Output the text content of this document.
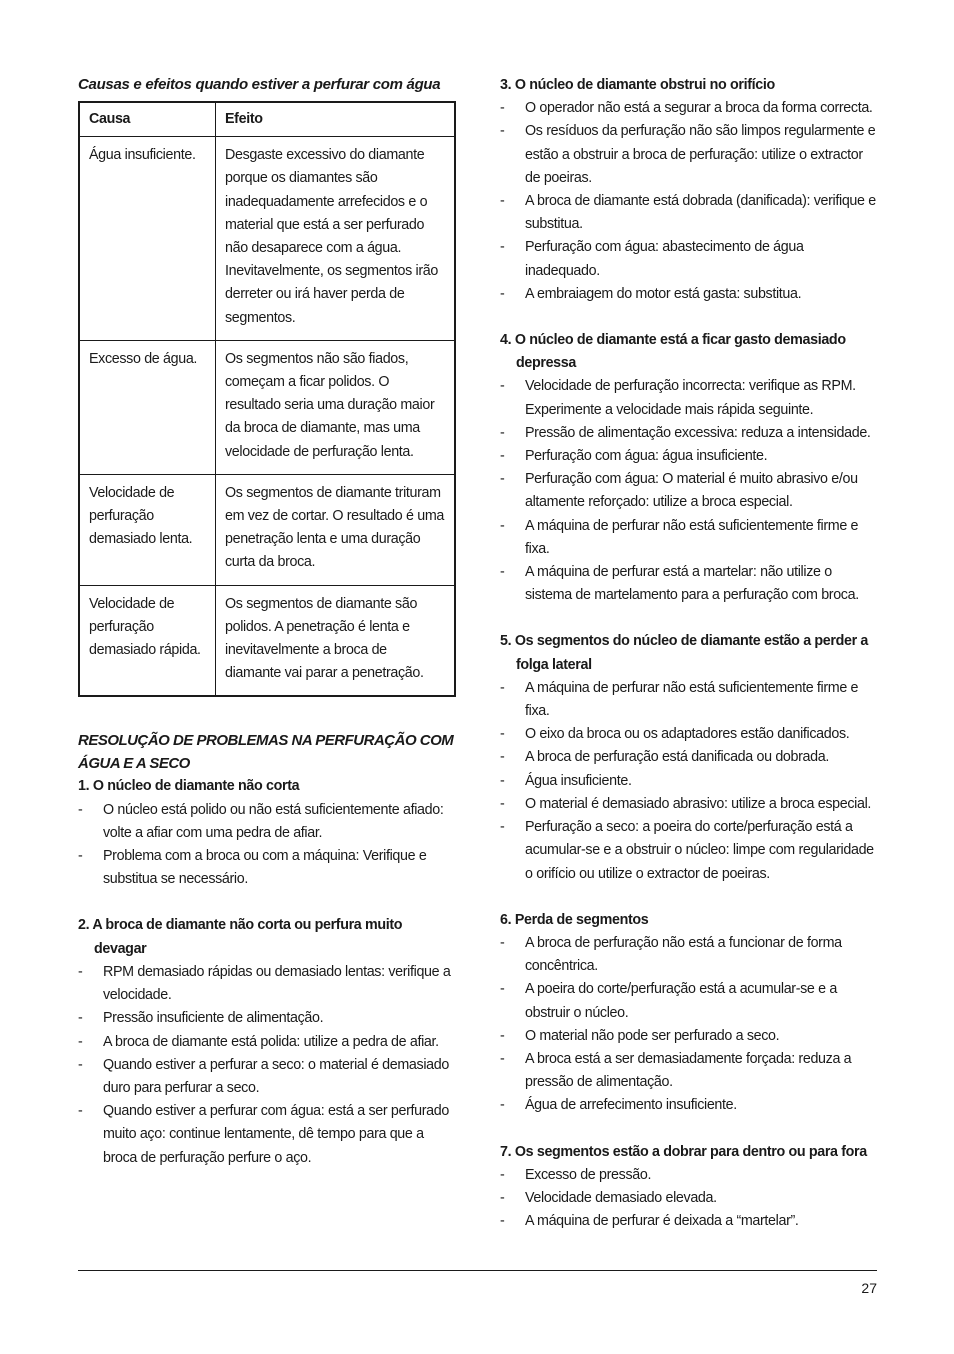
Causas e efeitos quando estiver a perfurar com água
Causa	Efeito
Água insuficiente.	Desgaste excessivo do diamante porque os diamantes são inadequadamente arrefecidos e o material que está a ser perfurado não desaparece com a água. Inevitavelmente, os segmentos irão derreter ou irá haver perda de segmentos.
Excesso de água.	Os segmentos não são fiados, começam a ficar polidos. O resultado seria uma duração maior da broca de diamante, mas uma velocidade de perfuração lenta.
Velocidade de perfuração demasiado lenta.	Os segmentos de diamante trituram em vez de cortar. O resultado é uma penetração lenta e uma duração curta da broca.
Velocidade de perfuração demasiado rápida.	Os segmentos de diamante são polidos. A penetração é lenta e inevitavelmente a broca de diamante vai parar a penetração.
RESOLUÇÃO DE PROBLEMAS NA PERFURAÇÃO COM ÁGUA E A SECO
1. O núcleo de diamante não corta
- O núcleo está polido ou não está suficientemente afiado: volte a afiar com uma pedra de afiar.
- Problema com a broca ou com a máquina: Verifique e substitua se necessário.
2. A broca de diamante não corta ou perfura muito devagar
- RPM demasiado rápidas ou demasiado lentas: verifique a velocidade.
- Pressão insuficiente de alimentação.
- A broca de diamante está polida: utilize a pedra de afiar.
- Quando estiver a perfurar a seco: o material é demasiado duro para perfurar a seco.
- Quando estiver a perfurar com água: está a ser perfurado muito aço: continue lentamente, dê tempo para que a broca de perfuração perfure o aço.
3. O núcleo de diamante obstrui no orifício
- O operador não está a segurar a broca da forma correcta.
- Os resíduos da perfuração não são limpos regularmente e estão a obstruir a broca de perfuração: utilize o extractor de poeiras.
- A broca de diamante está dobrada (danificada): verifique e substitua.
- Perfuração com água: abastecimento de água inadequado.
- A embraiagem do motor está gasta: substitua.
4. O núcleo de diamante está a ficar gasto demasiado depressa
- Velocidade de perfuração incorrecta: verifique as RPM. Experimente a velocidade mais rápida seguinte.
- Pressão de alimentação excessiva: reduza a intensidade.
- Perfuração com água: água insuficiente.
- Perfuração com água: O material é muito abrasivo e/ou altamente reforçado: utilize a broca especial.
- A máquina de perfurar não está suficientemente firme e fixa.
- A máquina de perfurar está a martelar: não utilize o sistema de martelamento para a perfuração com broca.
5. Os segmentos do núcleo de diamante estão a perder a folga lateral
- A máquina de perfurar não está suficientemente firme e fixa.
- O eixo da broca ou os adaptadores estão danificados.
- A broca de perfuração está danificada ou dobrada.
- Água insuficiente.
- O material é demasiado abrasivo: utilize a broca especial.
- Perfuração a seco: a poeira do corte/perfuração está a acumular-se e a obstruir o núcleo: limpe com regularidade o orifício ou utilize o extractor de poeiras.
6. Perda de segmentos
- A broca de perfuração não está a funcionar de forma concêntrica.
- A poeira do corte/perfuração está a acumular-se e a obstruir o núcleo.
- O material não pode ser perfurado a seco.
- A broca está a ser demasiadamente forçada: reduza a pressão de alimentação.
- Água de arrefecimento insuficiente.
7. Os segmentos estão a dobrar para dentro ou para fora
- Excesso de pressão.
- Velocidade demasiado elevada.
- A máquina de perfurar é deixada a “martelar”.
27
